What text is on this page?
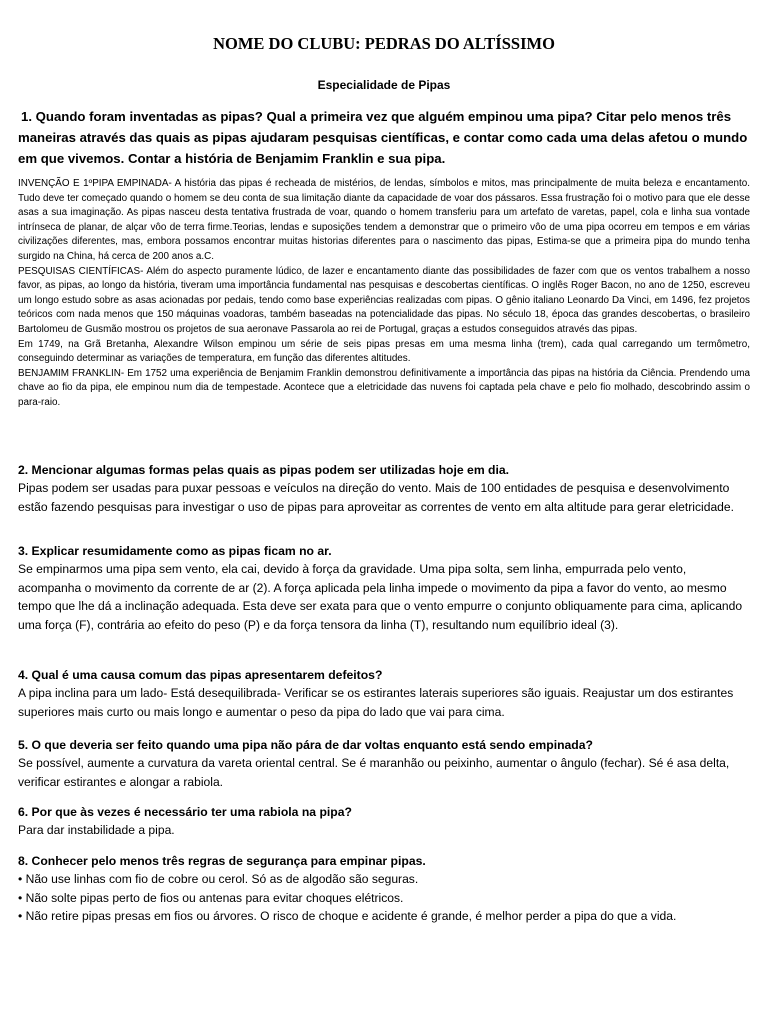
NOME DO CLUBU: PEDRAS DO ALTÍSSIMO
Especialidade de Pipas
1. Quando foram inventadas as pipas? Qual a primeira vez que alguém empinou uma pipa? Citar pelo menos três maneiras através das quais as pipas ajudaram pesquisas científicas, e contar como cada uma delas afetou o mundo em que vivemos. Contar a história de Benjamim Franklin e sua pipa.

INVENÇÃO E 1ºPIPA EMPINADA- A história das pipas é recheada de mistérios, de lendas, símbolos e mitos, mas principalmente de muita beleza e encantamento. Tudo deve ter começado quando o homem se deu conta de sua limitação diante da capacidade de voar dos pássaros. Essa frustração foi o motivo para que ele desse asas a sua imaginação. As pipas nasceu desta tentativa frustrada de voar, quando o homem transferiu para um artefato de varetas, papel, cola e linha sua vontade intrínseca de planar, de alçar vôo de terra firme.Teorias, lendas e suposições tendem a demonstrar que o primeiro vôo de uma pipa ocorreu em tempos e em várias civilizações diferentes, mas, embora possamos encontrar muitas historias diferentes para o nascimento das pipas, Estima-se que a primeira pipa do mundo tenha surgido na China, há cerca de 200 anos a.C.

PESQUISAS CIENTÍFICAS- Além do aspecto puramente lúdico, de lazer e encantamento diante das possibilidades de fazer com que os ventos trabalhem a nosso favor, as pipas, ao longo da história, tiveram uma importância fundamental nas pesquisas e descobertas científicas. O inglês Roger Bacon, no ano de 1250, escreveu um longo estudo sobre as asas acionadas por pedais, tendo como base experiências realizadas com pipas. O gênio italiano Leonardo Da Vinci, em 1496, fez projetos teóricos com nada menos que 150 máquinas voadoras, também baseadas na potencialidade das pipas. No século 18, época das grandes descobertas, o brasileiro Bartolomeu de Gusmão mostrou os projetos de sua aeronave Passarola ao rei de Portugal, graças a estudos conseguidos através das pipas.

Em 1749, na Grã Bretanha, Alexandre Wilson empinou um série de seis pipas presas em uma mesma linha (trem), cada qual carregando um termômetro, conseguindo determinar as variações de temperatura, em função das diferentes altitudes.

BENJAMIM FRANKLIN- Em 1752 uma experiência de Benjamim Franklin demonstrou definitivamente a importância das pipas na história da Ciência. Prendendo uma chave ao fio da pipa, ele empinou num dia de tempestade. Acontece que a eletricidade das nuvens foi captada pela chave e pelo fio molhado, descobrindo assim o para-raio.

2. Mencionar algumas formas pelas quais as pipas podem ser utilizadas hoje em dia.

Pipas podem ser usadas para puxar pessoas e veículos na direção do vento. Mais de 100 entidades de pesquisa e desenvolvimento estão fazendo pesquisas para investigar o uso de pipas para aproveitar as correntes de vento em alta altitude para gerar eletricidade.

3. Explicar resumidamente como as pipas ficam no ar.

Se empinarmos uma pipa sem vento, ela cai, devido à força da gravidade. Uma pipa solta, sem linha, empurrada pelo vento, acompanha o movimento da corrente de ar (2). A força aplicada pela linha impede o movimento da pipa a favor do vento, ao mesmo tempo que lhe dá a inclinação adequada. Esta deve ser exata para que o vento empurre o conjunto obliquamente para cima, aplicando uma força (F), contrária ao efeito do peso (P) e da força tensora da linha (T), resultando num equilíbrio ideal (3).

4. Qual é uma causa comum das pipas apresentarem defeitos?

A pipa inclina para um lado- Está desequilibrada- Verificar se os estirantes laterais superiores são iguais. Reajustar um dos estirantes superiores mais curto ou mais longo e aumentar o peso da pipa do lado que vai para cima.

5. O que deveria ser feito quando uma pipa não pára de dar voltas enquanto está sendo empinada?

Se possível, aumente a curvatura da vareta oriental central. Se é maranhão ou peixinho, aumentar o ângulo (fechar). Sé é asa delta, verificar estirantes e alongar a rabiola.

6. Por que às vezes é necessário ter uma rabiola na pipa?

Para dar instabilidade a pipa.

8. Conhecer pelo menos três regras de segurança para empinar pipas.

• Não use linhas com fio de cobre ou cerol. Só as de algodão são seguras.

• Não solte pipas perto de fios ou antenas para evitar choques elétricos.

• Não retire pipas presas em fios ou árvores. O risco de choque e acidente é grande, é melhor perder a pipa do que a vida.
